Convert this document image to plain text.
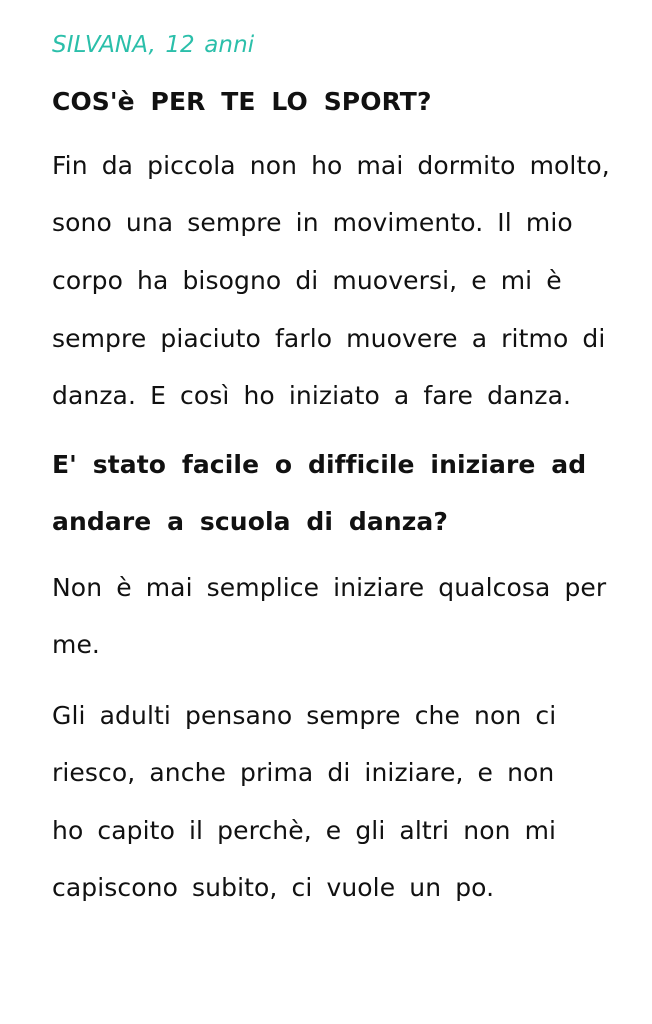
SILVANA, 12 anni
COS'è PER TE LO SPORT?
Fin da piccola non ho mai dormito molto,
sono una sempre in movimento. Il mio
corpo ha bisogno di muoversi, e mi è
sempre piaciuto farlo muovere a ritmo di
danza. E così ho iniziato a fare danza.
E' stato facile o difficile iniziare ad
andare a scuola di danza?
Non è mai semplice iniziare qualcosa per
me.
Gli adulti pensano sempre che non ci
riesco, anche prima di iniziare, e non
ho capito il perchè, e gli altri non mi
capiscono subito, ci vuole un po.
